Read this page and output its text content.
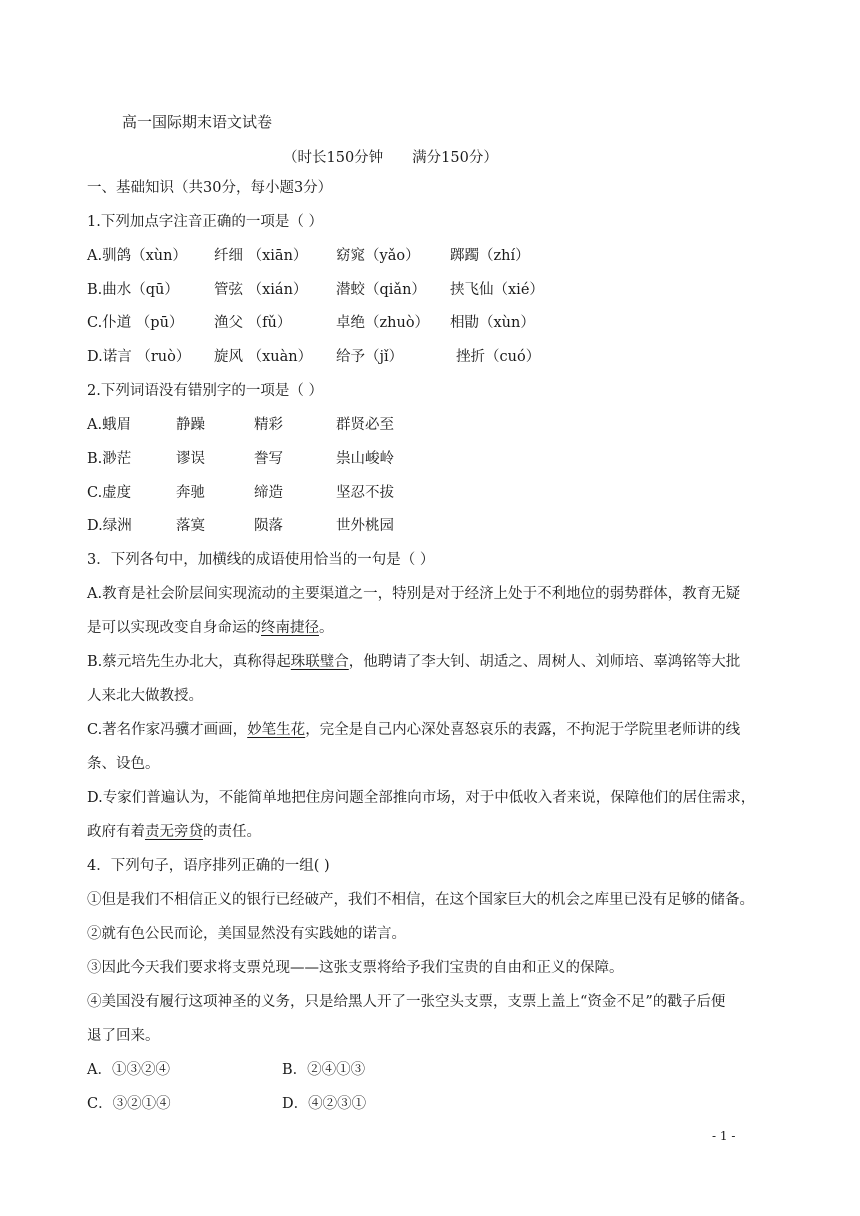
高一国际期末语文试卷
（时长150分钟　　满分150分）
一、基础知识（共30分，每小题3分）
1.下列加点字注音正确的一项是（ ）
A.驯鸽（xùn） 纤细 （xiān） 窈窕（yǎo） 踯躅（zhí）
B.曲水（qū） 管弦 （xián） 潜蛟（qiǎn） 挟飞仙（xié）
C.仆道 （pū） 渔父 （fǔ）	卓绝（zhuò） 相勖（xùn）
D.诺言 （ruò） 旋风 （xuàn） 给予（jǐ）	挫折（cuó）
2.下列词语没有错别字的一项是（ ）
A.蛾眉	静躁	精彩	群贤必至
B.渺茫	谬误	誊写	祟山峻岭
C.虚度	奔驰	缔造	坚忍不拔
D.绿洲	落寞	陨落	世外桃园
3．下列各句中，加横线的成语使用恰当的一句是（ ）
A.教育是社会阶层间实现流动的主要渠道之一，特别是对于经济上处于不利地位的弱势群体，教育无疑
是可以实现改变自身命运的终南捷径。
B.蔡元培先生办北大，真称得起珠联璧合，他聘请了李大钊、胡适之、周树人、刘师培、辜鸿铭等大批
人来北大做教授。
C.著名作家冯骥才画画，妙笔生花，完全是自己内心深处喜怒哀乐的表露，不拘泥于学院里老师讲的线
条、设色。
D.专家们普遍认为，不能简单地把住房问题全部推向市场，对于中低收入者来说，保障他们的居住需求，
政府有着责无旁贷的责任。
4．下列句子，语序排列正确的一组( )
①但是我们不相信正义的银行已经破产，我们不相信，在这个国家巨大的机会之库里已没有足够的储备。
②就有色公民而论，美国显然没有实践她的诺言。
③因此今天我们要求将支票兑现——这张支票将给予我们宝贵的自由和正义的保障。
④美国没有履行这项神圣的义务，只是给黑人开了一张空头支票，支票上盖上“资金不足”的戳子后便
退了回来。
A．①③②④	B．②④①③
C．③②①④	D．④②③①
- 1 -
